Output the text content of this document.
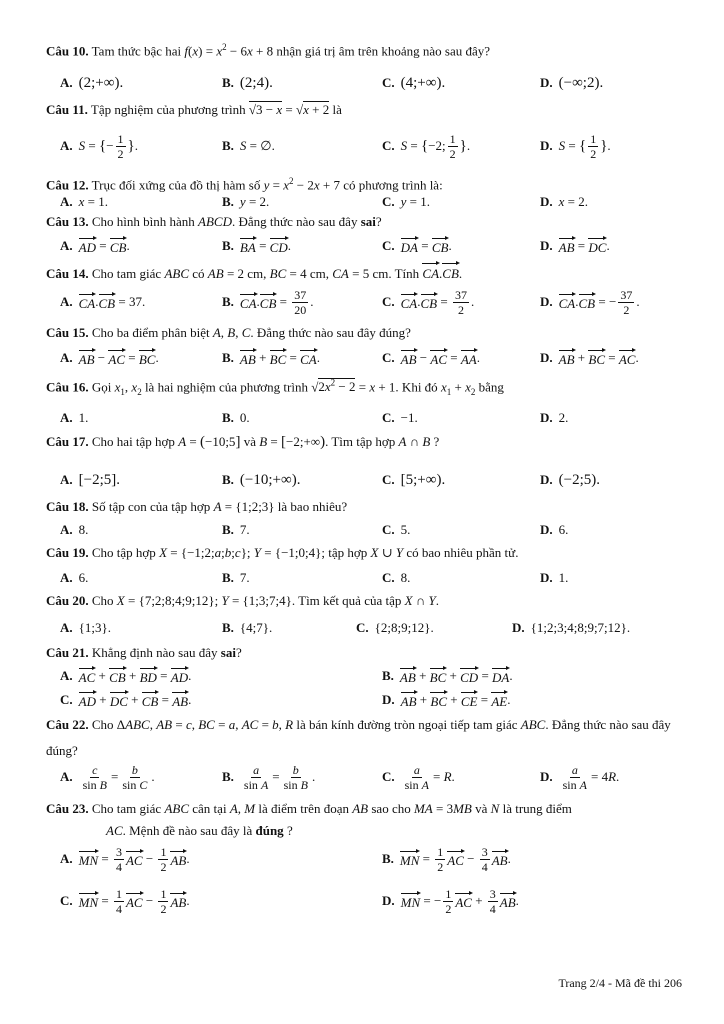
Câu 10. Tam thức bậc hai $f(x) = x^2 - 6x + 8$ nhận giá trị âm trên khoảng nào sau đây?
A. (2;+∞).	B. (2;4).	C. (4;+∞).	D. (−∞;2).
Câu 11. Tập nghiệm của phương trình √3 − x = √x + 2 là
A. S = { − $\frac{1}{2}$ } .	B. S = ∅.	C. S = { −2; $\frac{1}{2}$ } .	D. S = { $\frac{1}{2}$ } .
Câu 12. Trục đối xứng của đồ thị hàm số $y = x^2 - 2x + 7$ có phương trình là:
A. x = 1.	B. y = 2.	C. y = 1.	D. x = 2.
Câu 13. Cho hình bình hành ABCD. Đẳng thức nào sau đây sai?
A. AD = CB .	B. BA = CD .	C. DA = CB .	D. AB = DC .
Câu 14. Cho tam giác ABC có AB = 2 cm, BC = 4 cm, CA = 5 cm. Tính CA.CB.
A. CA . CB = 37.	B. CA . CB = $\frac{37}{20}$ .	C. CA . CB = $\frac{37}{2}$ .	D. CA . CB = − $\frac{37}{2}$ .
Câu 15. Cho ba điểm phân biệt A, B, C. Đẳng thức nào sau đây đúng?
A. AB − AC = BC .	B. AB + BC = CA .	C. AB − AC = AA .	D. AB + BC = AC .
Câu 16. Gọi $x_1$, $x_2$ là hai nghiệm của phương trình $√2x^2 - 2 = x + 1$. Khi đó $x_1 + x_2$ bằng
A. 1.	B. 0.	C. −1.	D. 2.
Câu 17. Cho hai tập hợp A = (−10;5] và B = [−2;+∞). Tìm tập hợp A ∩ B ?
A. [−2;5].	B. (−10;+∞).	C. [5;+∞).	D. (−2;5).
Câu 18. Số tập con của tập hợp A = {1;2;3} là bao nhiêu?
A. 8.	B. 7.	C. 5.	D. 6.
Câu 19. Cho tập hợp X = {−1;2;a;b;c}; Y = {−1;0;4}; tập hợp X ∪ Y có bao nhiêu phần tử.
A. 6.	B. 7.	C. 8.	D. 1.
Câu 20. Cho X = {7;2;8;4;9;12}; Y = {1;3;7;4}. Tìm kết quả của tập X ∩ Y.
A. {1;3}.	B. {4;7}.	C. {2;8;9;12}.	D. {1;2;3;4;8;9;7;12}.
Câu 21. Khẳng định nào sau đây sai?
A. AC + CB + BD = AD .	B. AB + BC + CD = DA .
C. AD + DC + CB = AB .	D. AB + BC + CE = AE .
Câu 22. Cho ΔABC, AB = c, BC = a, AC = b, R là bán kính đường tròn ngoại tiếp tam giác ABC. Đẳng thức nào sau đây đúng?
A. $\frac{c}{\text{sin B}} = \frac{b}{\text{sin C}}$ .	B. $\frac{a}{\text{sin A}} = \frac{b}{\text{sin B}}$ .	C. $\frac{a}{\text{sin A}} = R$ .	D. $\frac{a}{\text{sin A}} = 4$ R .
Câu 23. Cho tam giác ABC cân tại A, M là điểm trên đoạn AB sao cho MA = 3MB và N là trung điểm
AC. Mệnh đề nào sau đây là đúng ?
A. MN = $\frac{3}{4}$ AC − $\frac{1}{2}$ AB .	B. MN = $\frac{1}{2}$ AC − $\frac{3}{4}$ AB .
C. MN = $\frac{1}{4}$ AC − $\frac{1}{2}$ AB .	D. MN = − $\frac{1}{2}$ AC + $\frac{3}{4}$ AB .
Trang 2/4 - Mã đề thi 206
